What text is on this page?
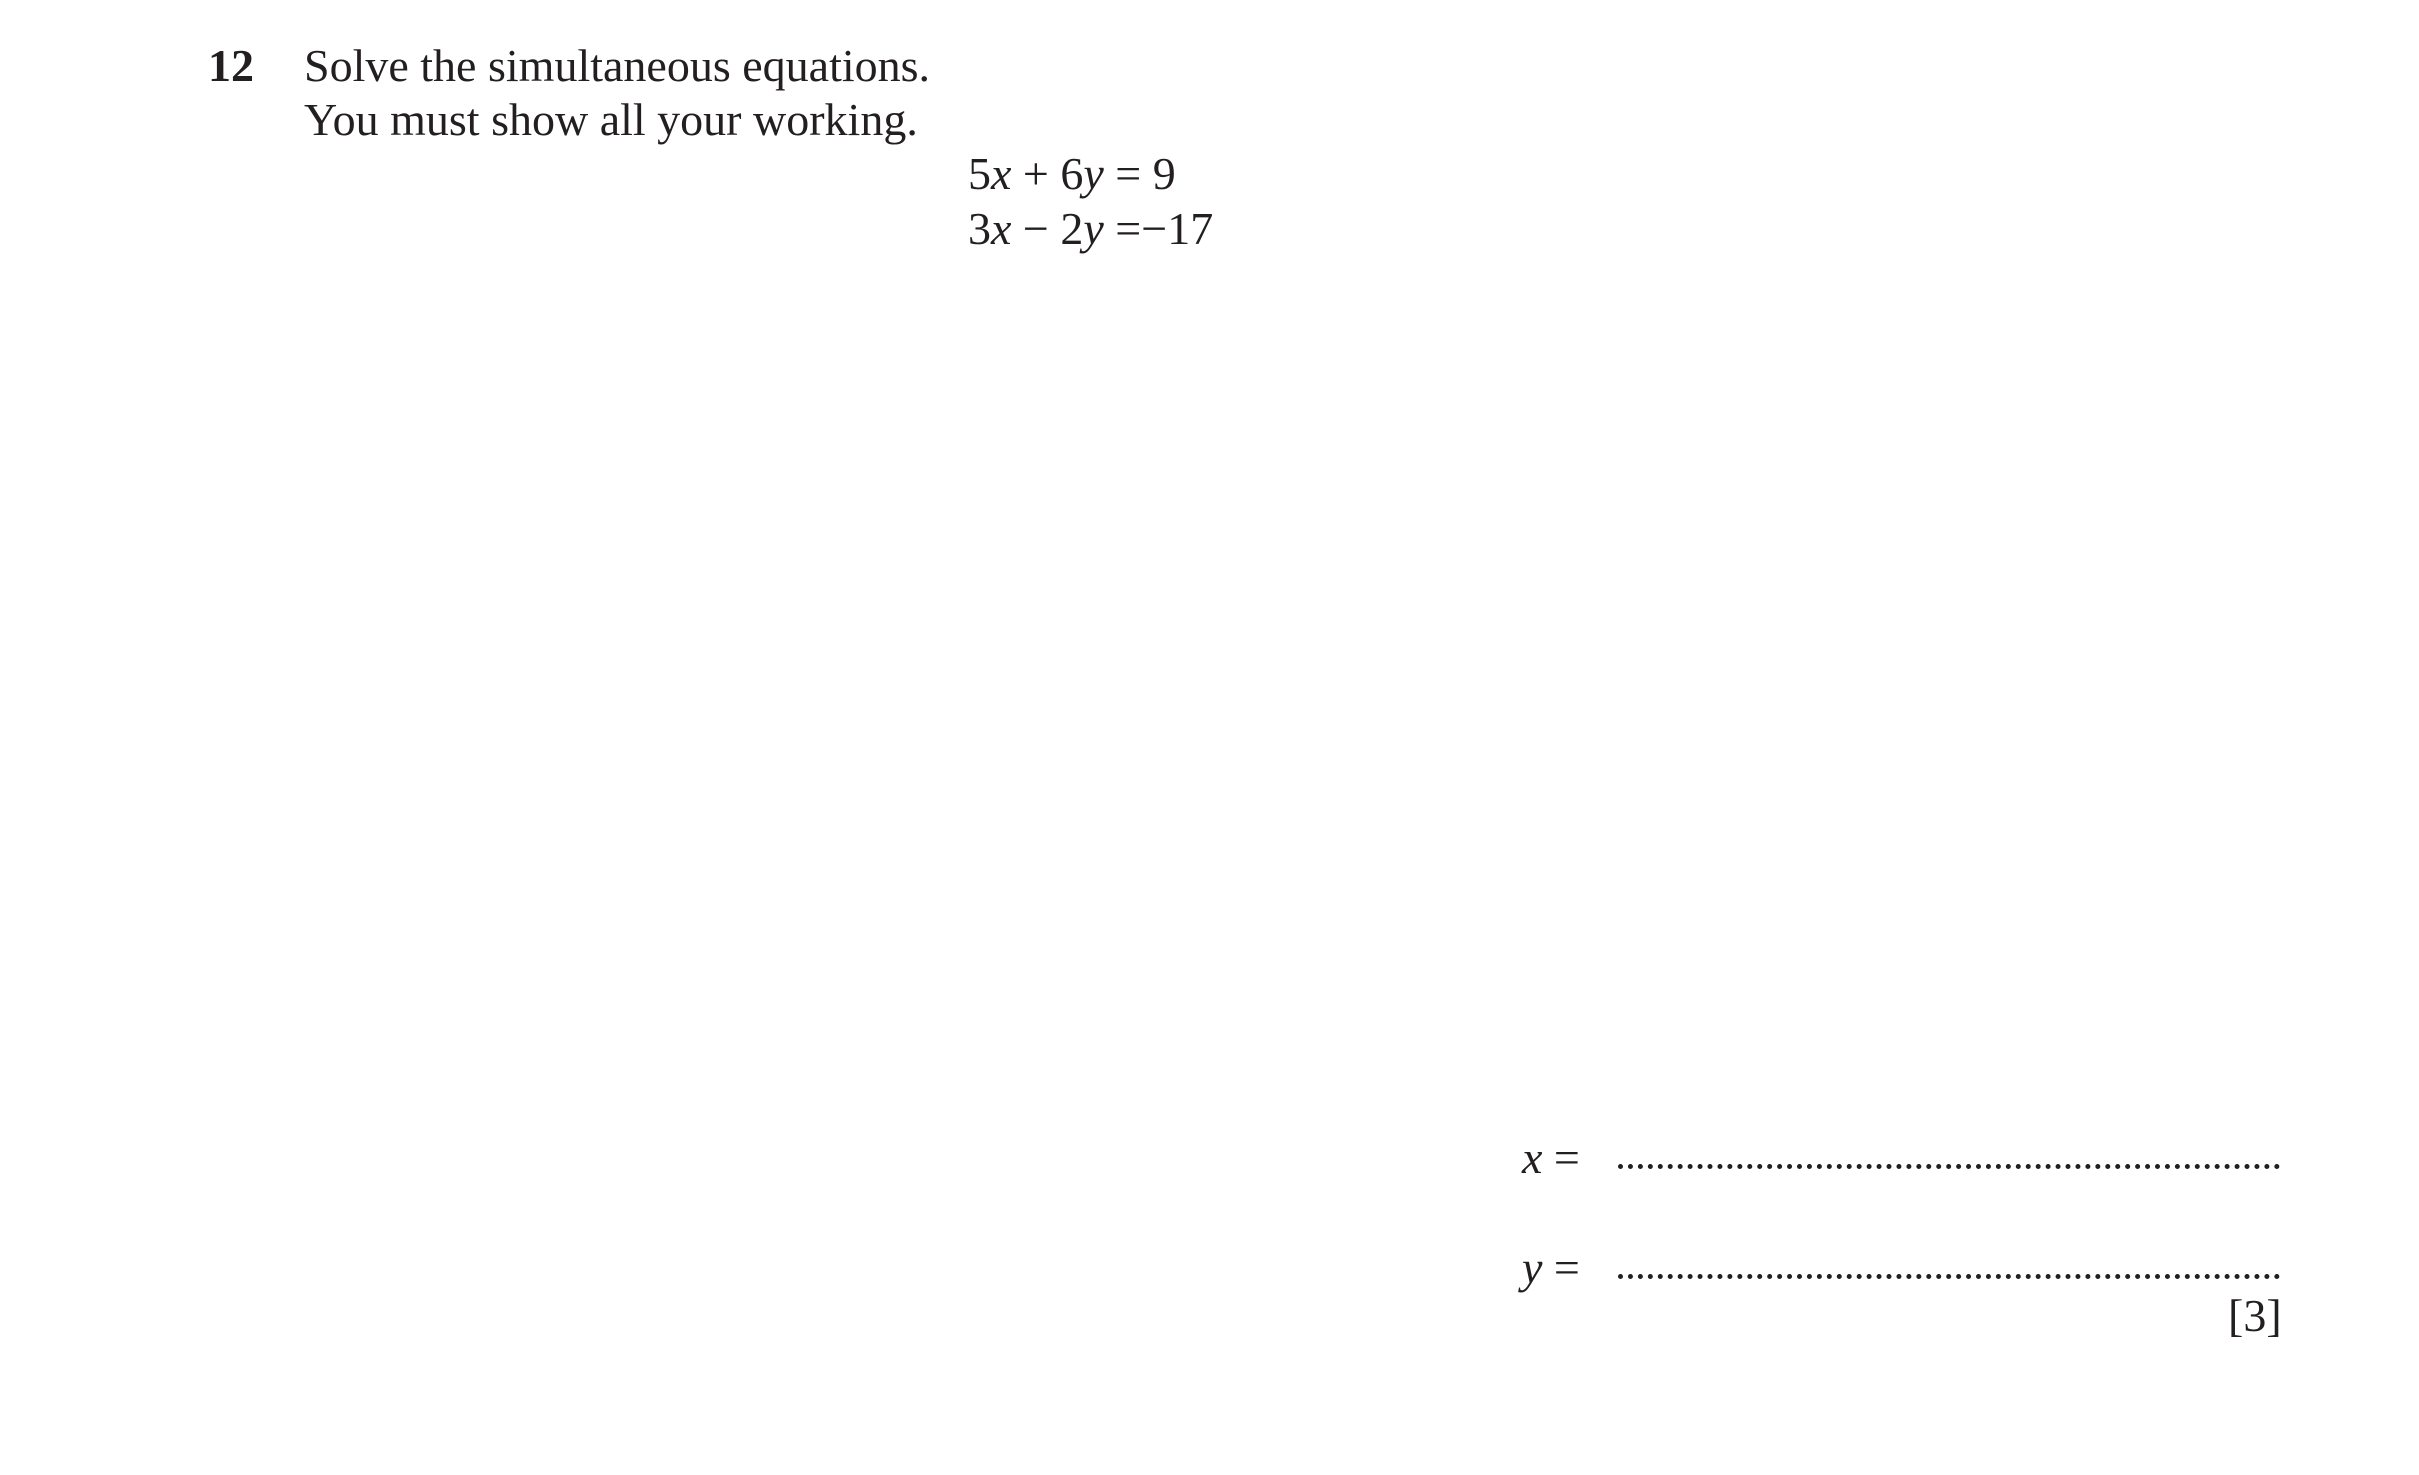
12 Solve the simultaneous equations.
You must show all your working.
5x + 6y = 9
3x − 2y =−17
x =
y =
[3]
